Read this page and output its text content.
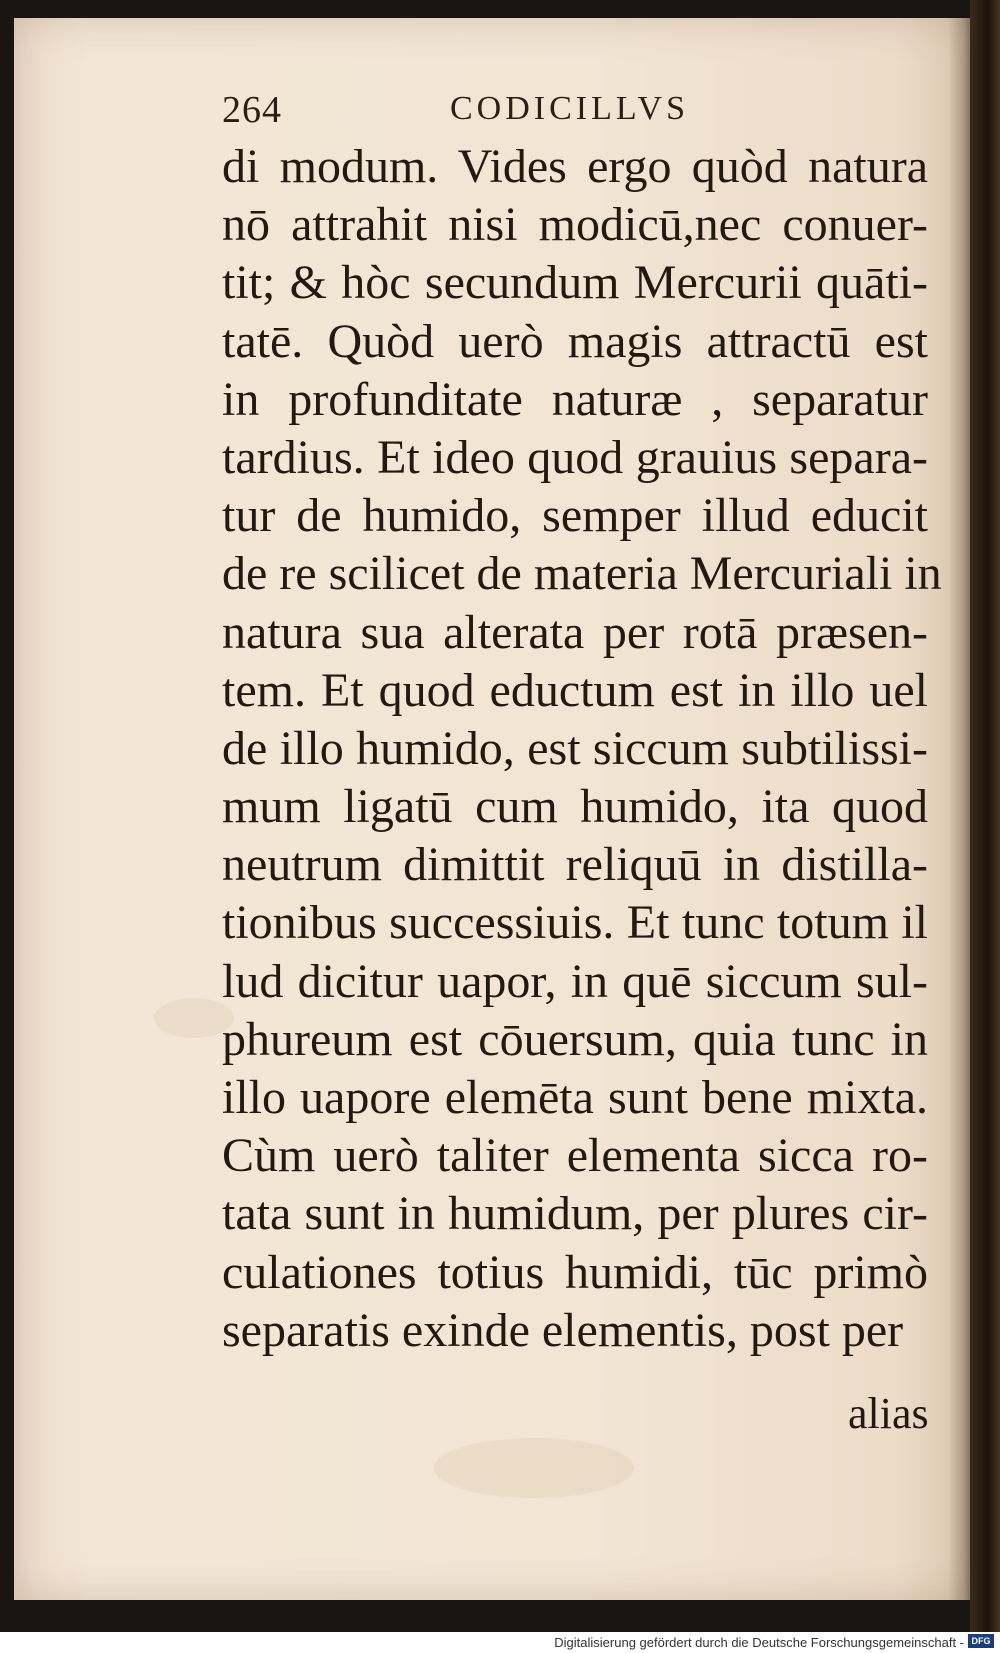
264	CODICILLVS
di modum. Vides ergo quòd natura
nō attrahit nisi modicū,nec conuer-
tit; & hòc secundum Mercurii quāti-
tatē. Quòd uerò magis attractū est
in profunditate naturæ , separatur
tardius. Et ideo quod grauius separa-
tur de humido, semper illud educit
de re scilicet de materia Mercuriali in
natura sua alterata per rotā præsen-
tem. Et quod eductum est in illo uel
de illo humido, est siccum subtilissi-
mum ligatū cum humido, ita quod
neutrum dimittit reliquū in distilla-
tionibus successiuis. Et tunc totum il
lud dicitur uapor, in quē siccum sul-
phureum est cōuersum, quia tunc in
illo uapore elemēta sunt bene mixta.
Cùm uerò taliter elementa sicca ro-
tata sunt in humidum, per plures cir-
culationes totius humidi, tūc primò
separatis exinde elementis, post per
alias
Digitalisierung gefördert durch die Deutsche Forschungsgemeinschaft - DFG
